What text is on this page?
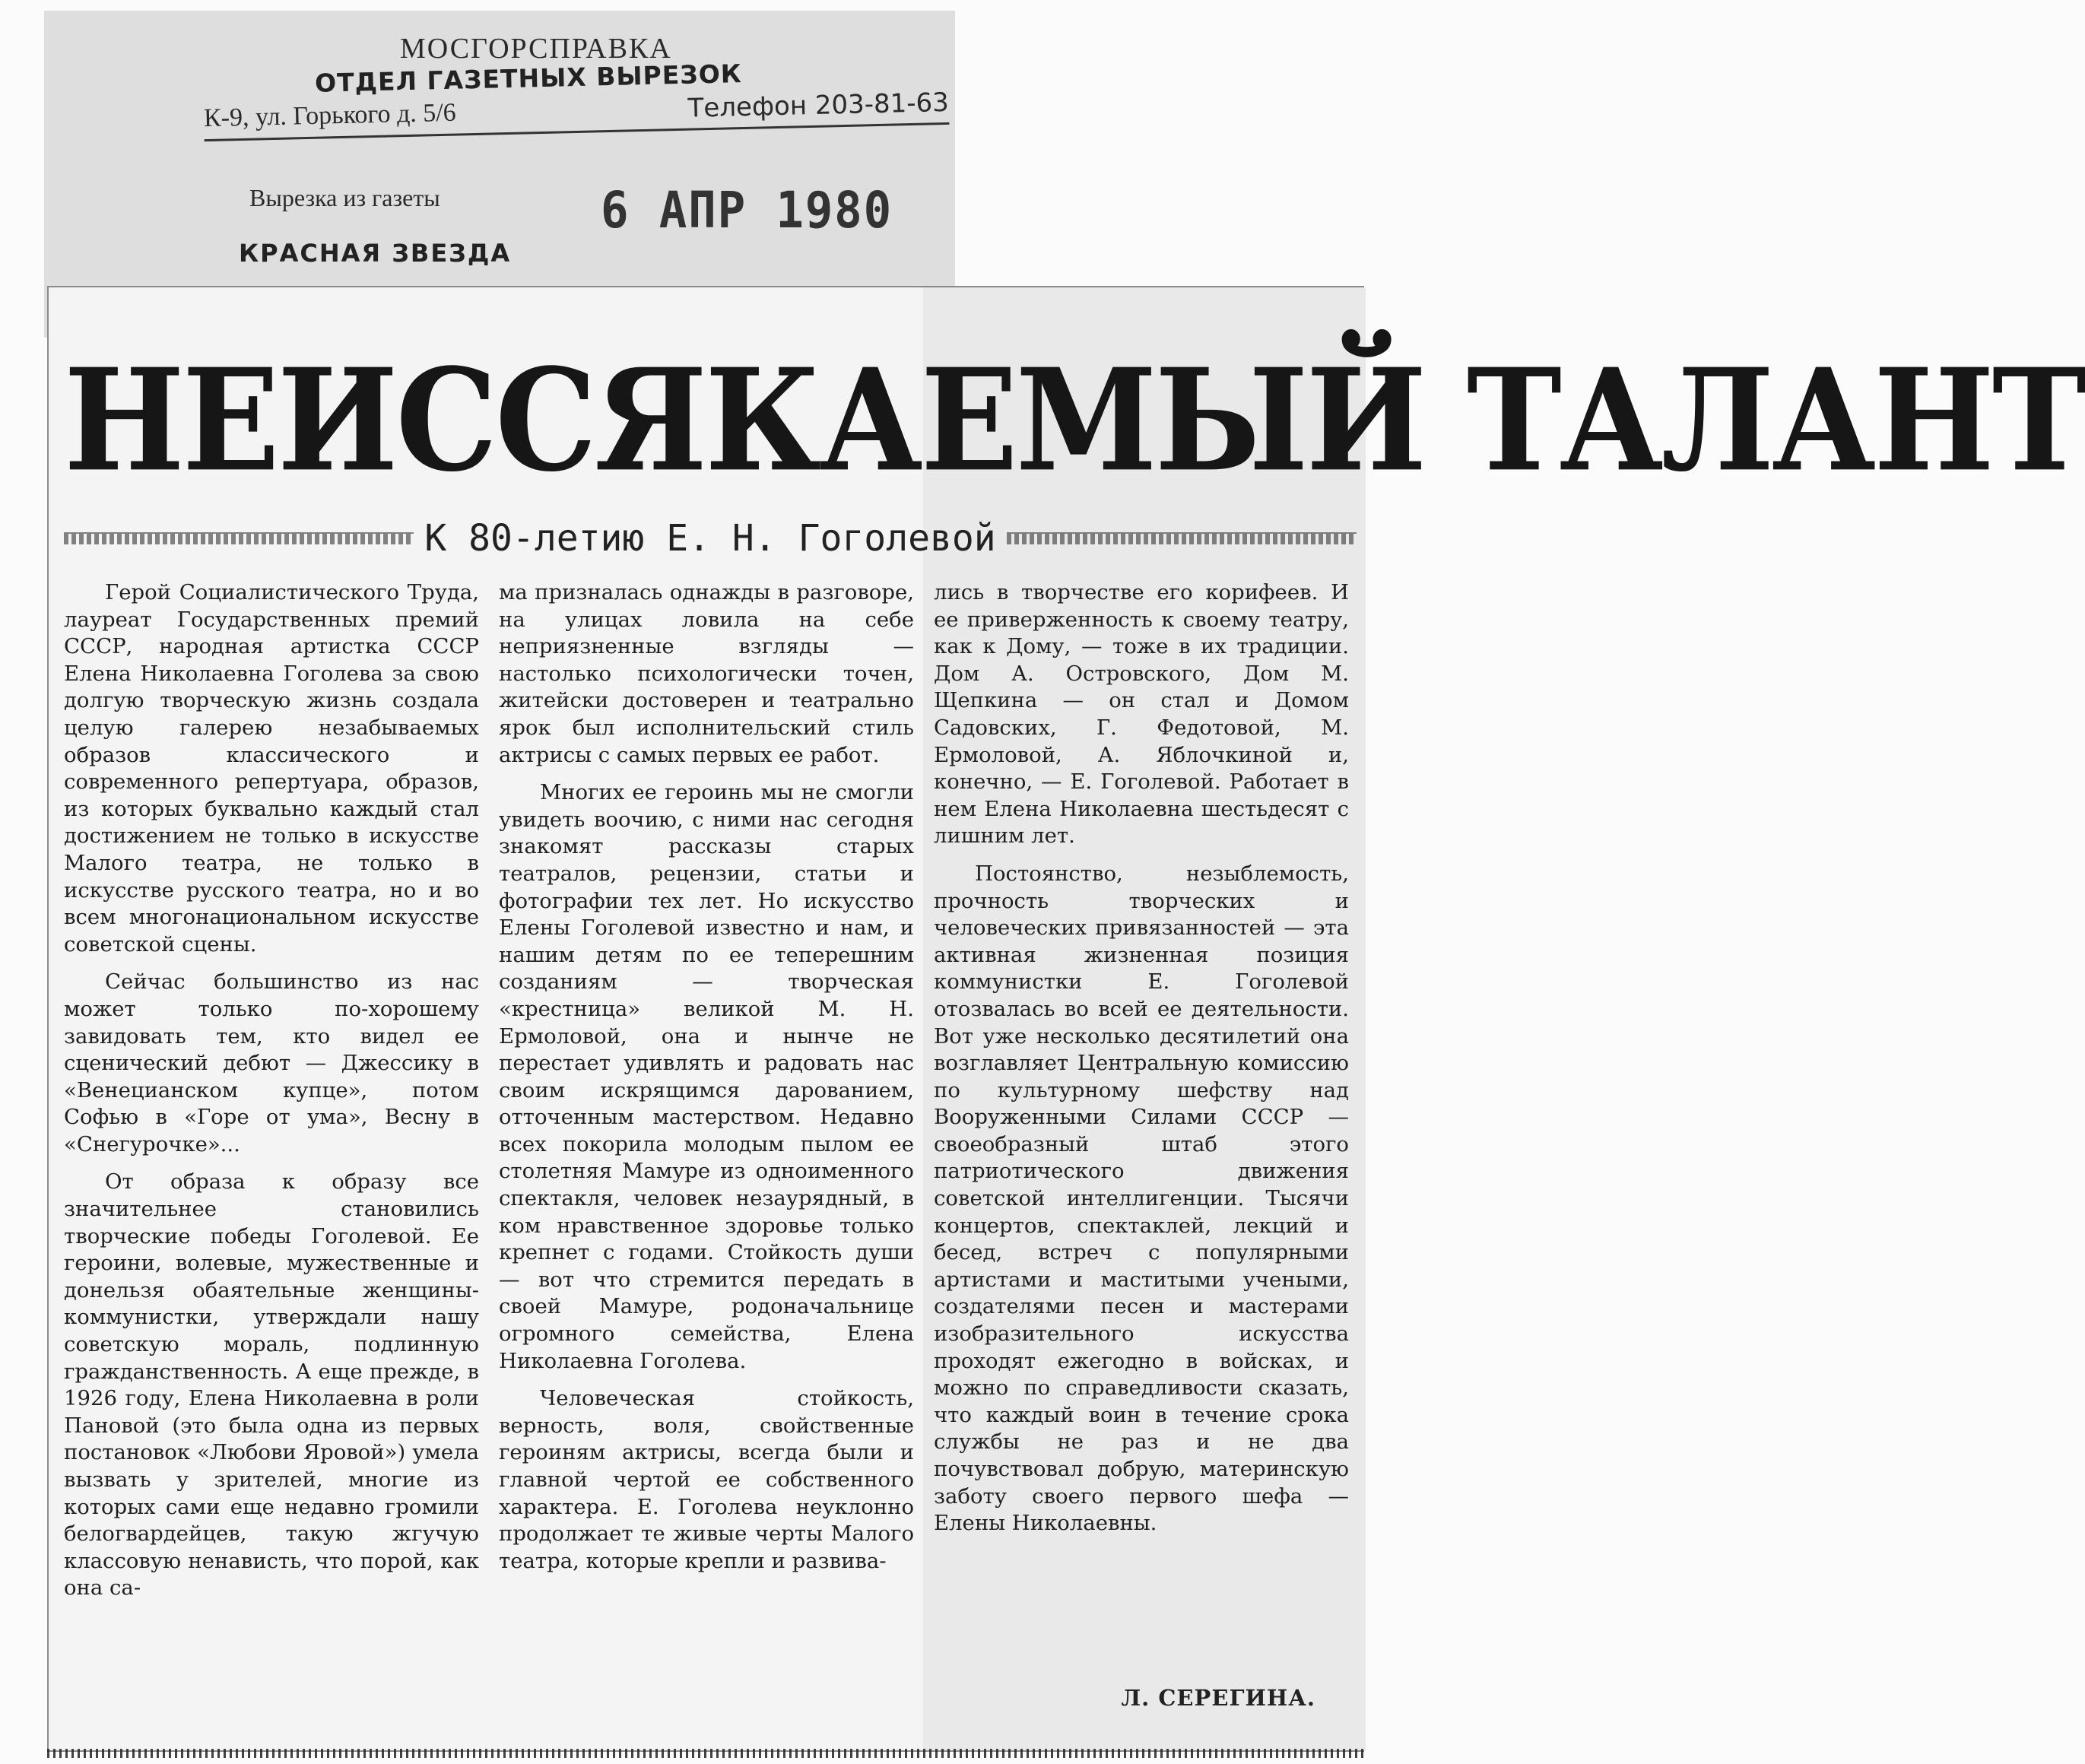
МОСГОРСПРАВКА
ОТДЕЛ ГАЗЕТНЫХ ВЫРЕЗОК
К-9, ул. Горького д. 5/6	Телефон 203-81-63
Вырезка из газеты
КРАСНАЯ ЗВЕЗДА
6 АПР 1980
НЕИССЯКАЕМЫЙ ТАЛАНТ
К 80-летию Е. Н. Гоголевой

Герой Социалистического Труда, лауреат Государственных премий СССР, народная артистка СССР Елена Николаевна Гоголева за свою долгую творческую жизнь создала целую галерею незабываемых образов классического и современного репертуара, образов, из которых буквально каждый стал достижением не только в искусстве Малого театра, не только в искусстве русского театра, но и во всем многонациональном искусстве советской сцены.

Сейчас большинство из нас может только по-хорошему завидовать тем, кто видел ее сценический дебют — Джессику в «Венецианском купце», потом Софью в «Горе от ума», Весну в «Снегурочке»...

От образа к образу все значительнее становились творческие победы Гоголевой. Ее героини, волевые, мужественные и донельзя обаятельные женщины-коммунистки, утверждали нашу советскую мораль, подлинную гражданственность. А еще прежде, в 1926 году, Елена Николаевна в роли Пановой (это была одна из первых постановок «Любови Яровой») умела вызвать у зрителей, многие из которых сами еще недавно громили белогвардейцев, такую жгучую классовую ненависть, что порой, как она са-

ма призналась однажды в разговоре, на улицах ловила на себе неприязненные взгляды — настолько психологически точен, житейски достоверен и театрально ярок был исполнительский стиль актрисы с самых первых ее работ.

Многих ее героинь мы не смогли увидеть воочию, с ними нас сегодня знакомят рассказы старых театралов, рецензии, статьи и фотографии тех лет. Но искусство Елены Гоголевой известно и нам, и нашим детям по ее теперешним созданиям — творческая «крестница» великой М. Н. Ермоловой, она и нынче не перестает удивлять и радовать нас своим искрящимся дарованием, отточенным мастерством. Недавно всех покорила молодым пылом ее столетняя Мамуре из одноименного спектакля, человек незаурядный, в ком нравственное здоровье только крепнет с годами. Стойкость души — вот что стремится передать в своей Мамуре, родоначальнице огромного семейства, Елена Николаевна Гоголева.

Человеческая стойкость, верность, воля, свойственные героиням актрисы, всегда были и главной чертой ее собственного характера. Е. Гоголева неуклонно продолжает те живые черты Малого театра, которые крепли и развива-

лись в творчестве его корифеев. И ее приверженность к своему театру, как к Дому, — тоже в их традиции. Дом А. Островского, Дом М. Щепкина — он стал и Домом Садовских, Г. Федотовой, М. Ермоловой, А. Яблочкиной и, конечно, — Е. Гоголевой. Работает в нем Елена Николаевна шестьдесят с лишним лет.

Постоянство, незыблемость, прочность творческих и человеческих привязанностей — эта активная жизненная позиция коммунистки Е. Гоголевой отозвалась во всей ее деятельности. Вот уже несколько десятилетий она возглавляет Центральную комиссию по культурному шефству над Вооруженными Силами СССР — своеобразный штаб этого патриотического движения советской интеллигенции. Тысячи концертов, спектаклей, лекций и бесед, встреч с популярными артистами и маститыми учеными, создателями песен и мастерами изобразительного искусства проходят ежегодно в войсках, и можно по справедливости сказать, что каждый воин в течение срока службы не раз и не два почувствовал добрую, материнскую заботу своего первого шефа — Елены Николаевны.

Л. СЕРЕГИНА.
